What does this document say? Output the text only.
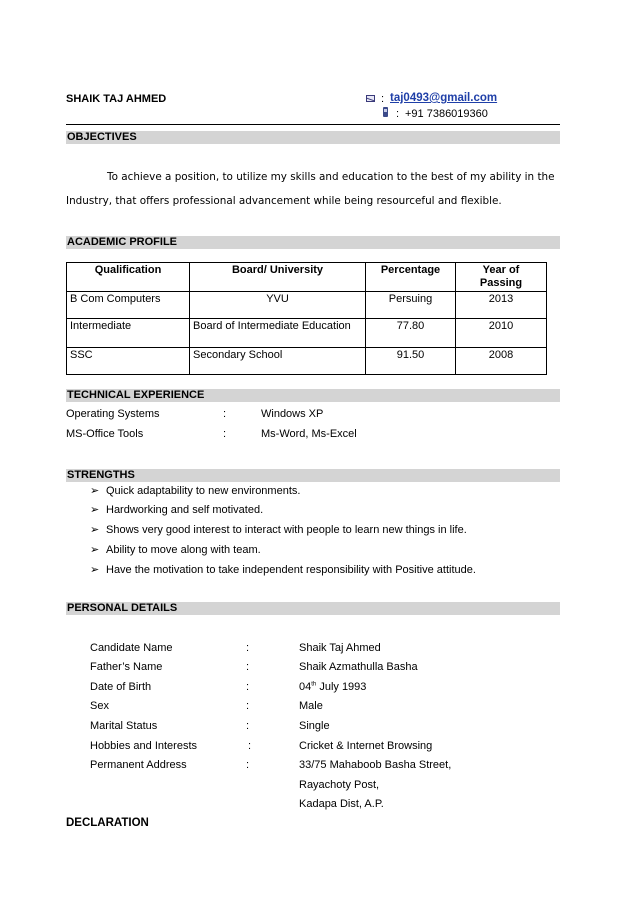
SHAIK TAJ AHMED	: taj0493@gmail.com
: +91 7386019360
OBJECTIVES
To achieve a position, to utilize my skills and education to the best of my ability in the
Industry, that offers professional advancement while being resourceful and flexible.
ACADEMIC PROFILE
Qualification	Board/ University	Percentage	Year of Passing
B Com Computers	YVU	Persuing	2013
Intermediate	Board of Intermediate Education	77.80	2010
SSC	Secondary School	91.50	2008
TECHNICAL EXPERIENCE
Operating Systems	:	Windows XP
MS-Office Tools	:	Ms-Word, Ms-Excel
STRENGTHS
➢ Quick adaptability to new environments.
➢ Hardworking and self motivated.
➢ Shows very good interest to interact with people to learn new things in life.
➢ Ability to move along with team.
➢ Have the motivation to take independent responsibility with Positive attitude.
PERSONAL DETAILS
Candidate Name	:	Shaik Taj Ahmed
Father’s Name	:	Shaik Azmathulla Basha
Date of Birth	:	04th July 1993
Sex	:	Male
Marital Status	:	Single
Hobbies and Interests	:	Cricket & Internet Browsing
Permanent Address	:	33/75 Mahaboob Basha Street,
Rayachoty Post,
Kadapa Dist, A.P.
DECLARATION
